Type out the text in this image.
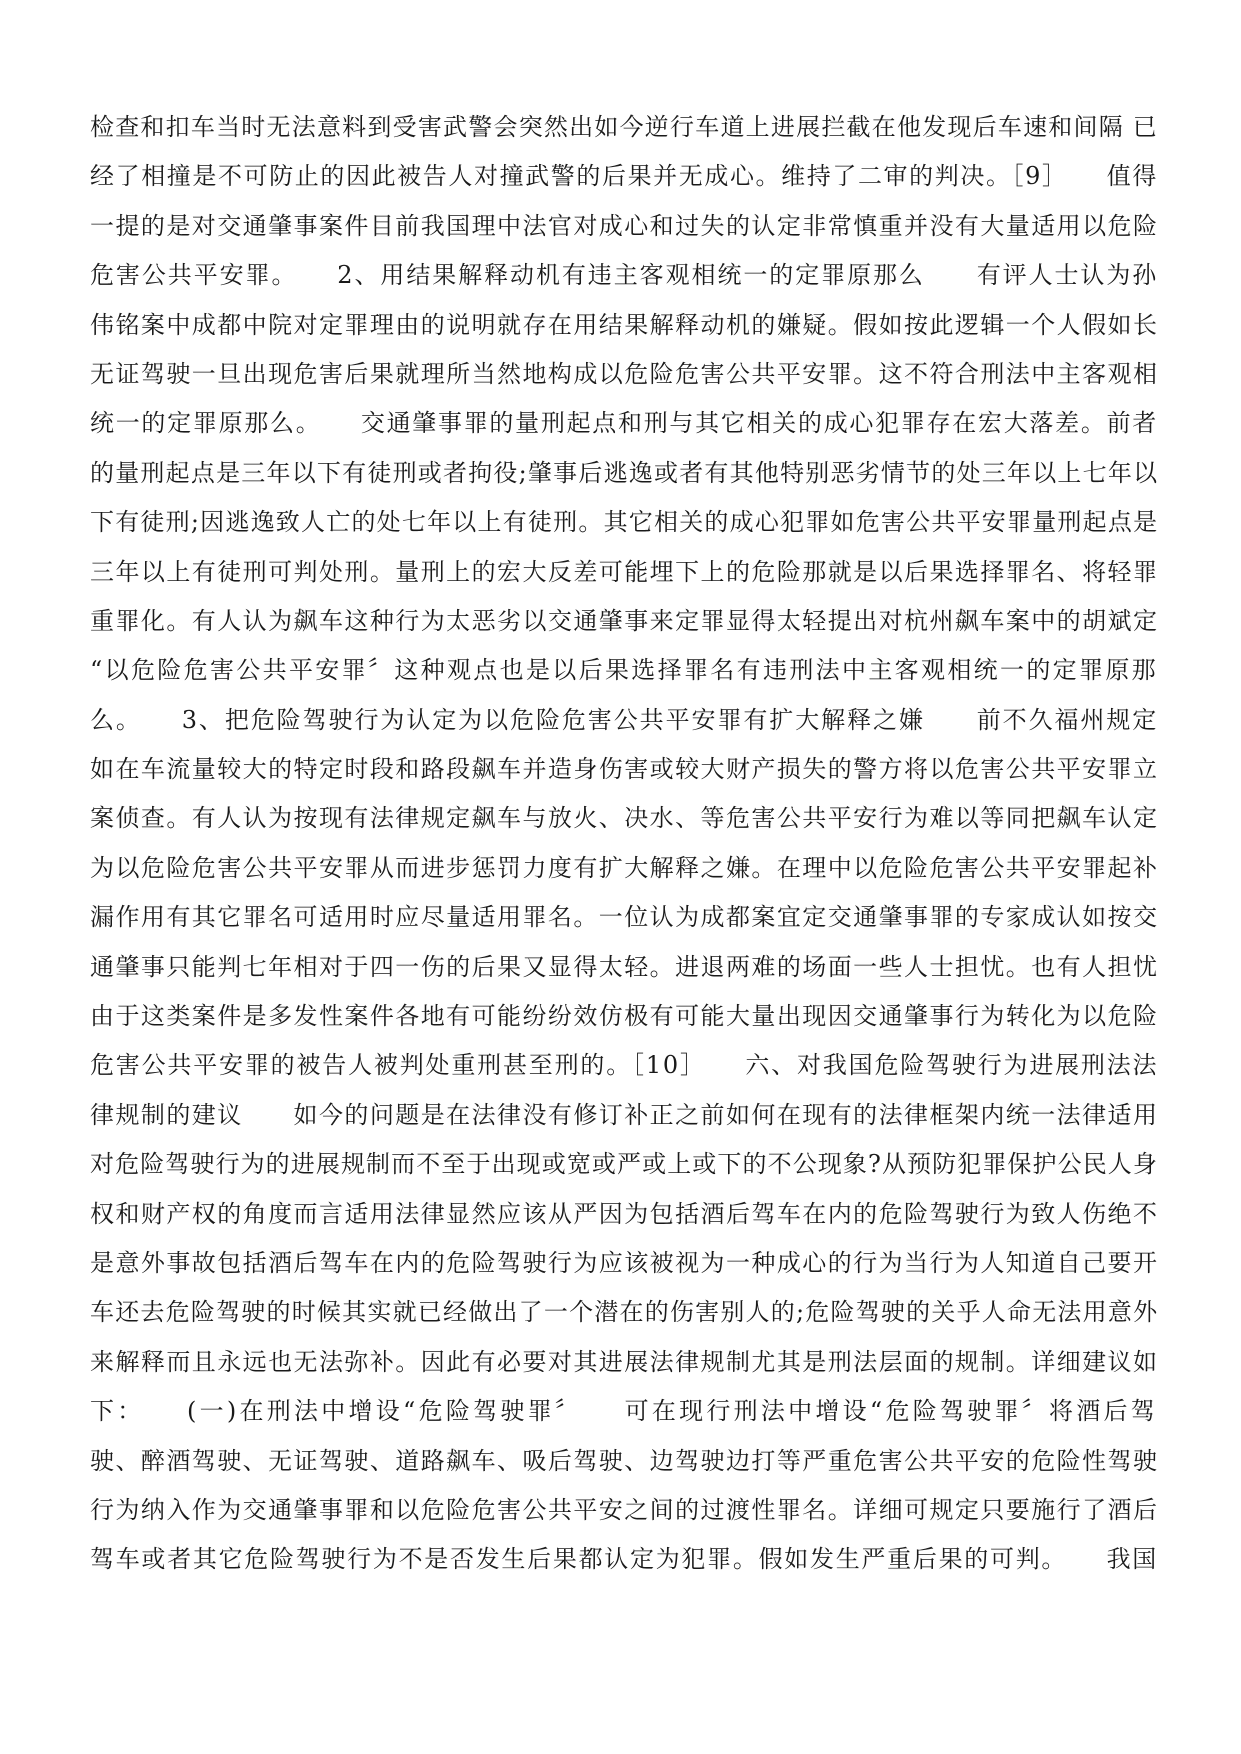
检查和扣车当时无法意料到受害武警会突然出如今逆行车道上进展拦截在他发现后车速和间隔 已
经了相撞是不可防止的因此被告人对撞武警的后果并无成心。维持了二审的判决。［9］　　值得
一提的是对交通肇事案件目前我国理中法官对成心和过失的认定非常慎重并没有大量适用以危险
危害公共平安罪。　　2、用结果解释动机有违主客观相统一的定罪原那么　　有评人士认为孙
伟铭案中成都中院对定罪理由的说明就存在用结果解释动机的嫌疑。假如按此逻辑一个人假如长
无证驾驶一旦出现危害后果就理所当然地构成以危险危害公共平安罪。这不符合刑法中主客观相
统一的定罪原那么。　　交通肇事罪的量刑起点和刑与其它相关的成心犯罪存在宏大落差。前者
的量刑起点是三年以下有徒刑或者拘役;肇事后逃逸或者有其他特别恶劣情节的处三年以上七年以
下有徒刑;因逃逸致人亡的处七年以上有徒刑。其它相关的成心犯罪如危害公共平安罪量刑起点是
三年以上有徒刑可判处刑。量刑上的宏大反差可能埋下上的危险那就是以后果选择罪名、将轻罪
重罪化。有人认为飙车这种行为太恶劣以交通肇事来定罪显得太轻提出对杭州飙车案中的胡斌定
“以危险危害公共平安罪〞这种观点也是以后果选择罪名有违刑法中主客观相统一的定罪原那
么。　　3、把危险驾驶行为认定为以危险危害公共平安罪有扩大解释之嫌　　前不久福州规定
如在车流量较大的特定时段和路段飙车并造身伤害或较大财产损失的警方将以危害公共平安罪立
案侦查。有人认为按现有法律规定飙车与放火、决水、等危害公共平安行为难以等同把飙车认定
为以危险危害公共平安罪从而进步惩罚力度有扩大解释之嫌。在理中以危险危害公共平安罪起补
漏作用有其它罪名可适用时应尽量适用罪名。一位认为成都案宜定交通肇事罪的专家成认如按交
通肇事只能判七年相对于四一伤的后果又显得太轻。进退两难的场面一些人士担忧。也有人担忧
由于这类案件是多发性案件各地有可能纷纷效仿极有可能大量出现因交通肇事行为转化为以危险
危害公共平安罪的被告人被判处重刑甚至刑的。［10］　　六、对我国危险驾驶行为进展刑法法
律规制的建议　　如今的问题是在法律没有修订补正之前如何在现有的法律框架内统一法律适用
对危险驾驶行为的进展规制而不至于出现或宽或严或上或下的不公现象?从预防犯罪保护公民人身
权和财产权的角度而言适用法律显然应该从严因为包括酒后驾车在内的危险驾驶行为致人伤绝不
是意外事故包括酒后驾车在内的危险驾驶行为应该被视为一种成心的行为当行为人知道自己要开
车还去危险驾驶的时候其实就已经做出了一个潜在的伤害别人的;危险驾驶的关乎人命无法用意外
来解释而且永远也无法弥补。因此有必要对其进展法律规制尤其是刑法层面的规制。详细建议如
下：　　(一)在刑法中增设“危险驾驶罪〞　　可在现行刑法中增设“危险驾驶罪〞将酒后驾
驶、醉酒驾驶、无证驾驶、道路飙车、吸后驾驶、边驾驶边打等严重危害公共平安的危险性驾驶
行为纳入作为交通肇事罪和以危险危害公共平安之间的过渡性罪名。详细可规定只要施行了酒后
驾车或者其它危险驾驶行为不是否发生后果都认定为犯罪。假如发生严重后果的可判。　　我国
